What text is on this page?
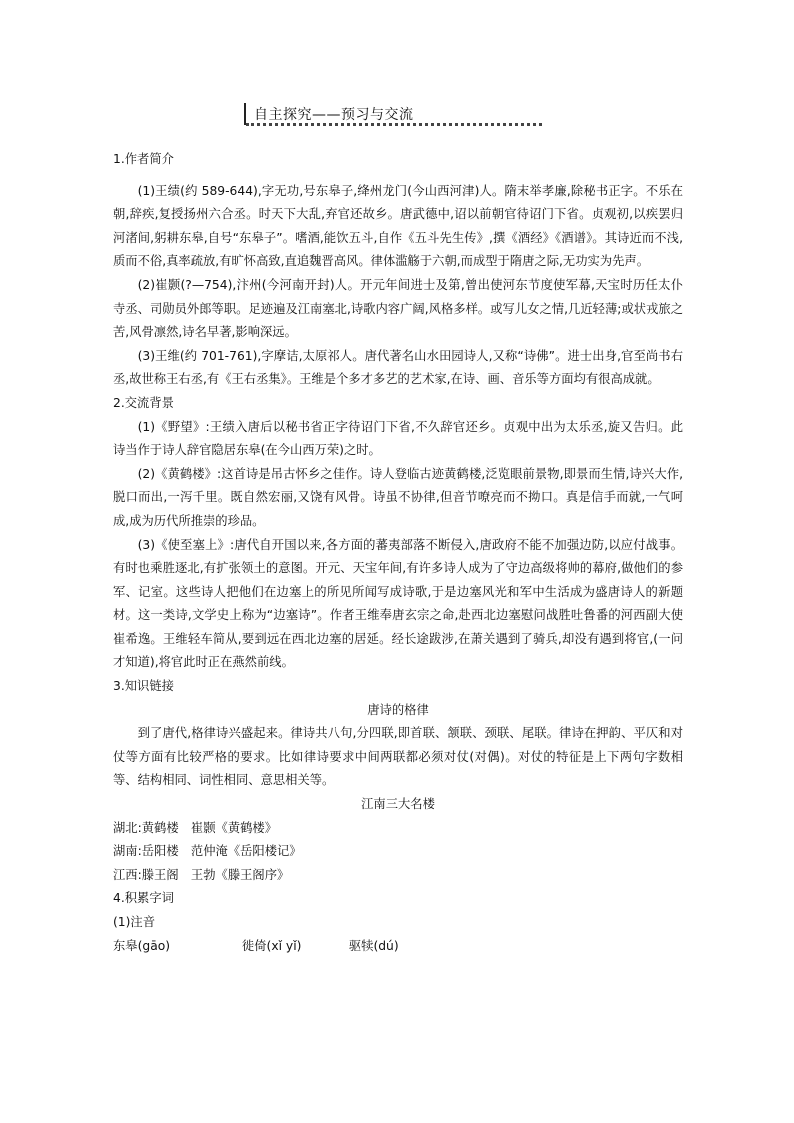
自主探究——预习与交流

1.作者简介

(1)王绩(约 589-644),字无功,号东皋子,绛州龙门(今山西河津)人。隋末举孝廉,除秘书正字。不乐在朝,辞疾,复授扬州六合丞。时天下大乱,弃官还故乡。唐武德中,诏以前朝官待诏门下省。贞观初,以疾罢归河渚间,躬耕东皋,自号“东皋子”。嗜酒,能饮五斗,自作《五斗先生传》,撰《酒经》《酒谱》。其诗近而不浅,质而不俗,真率疏放,有旷怀高致,直追魏晋高风。律体滥觞于六朝,而成型于隋唐之际,无功实为先声。

(2)崔颢(?—754),汴州(今河南开封)人。开元年间进士及第,曾出使河东节度使军幕,天宝时历任太仆寺丞、司勋员外郎等职。足迹遍及江南塞北,诗歌内容广阔,风格多样。或写儿女之情,几近轻薄;或状戎旅之苦,风骨凛然,诗名早著,影响深远。

(3)王维(约 701-761),字摩诘,太原祁人。唐代著名山水田园诗人,又称“诗佛”。进士出身,官至尚书右丞,故世称王右丞,有《王右丞集》。王维是个多才多艺的艺术家,在诗、画、音乐等方面均有很高成就。

2.交流背景

(1)《野望》:王绩入唐后以秘书省正字待诏门下省,不久辞官还乡。贞观中出为太乐丞,旋又告归。此诗当作于诗人辞官隐居东皋(在今山西万荣)之时。

(2)《黄鹤楼》:这首诗是吊古怀乡之佳作。诗人登临古迹黄鹤楼,泛览眼前景物,即景而生情,诗兴大作,脱口而出,一泻千里。既自然宏丽,又饶有风骨。诗虽不协律,但音节嘹亮而不拗口。真是信手而就,一气呵成,成为历代所推崇的珍品。

(3)《使至塞上》:唐代自开国以来,各方面的蕃夷部落不断侵入,唐政府不能不加强边防,以应付战事。有时也乘胜逐北,有扩张领土的意图。开元、天宝年间,有许多诗人成为了守边高级将帅的幕府,做他们的参军、记室。这些诗人把他们在边塞上的所见所闻写成诗歌,于是边塞风光和军中生活成为盛唐诗人的新题材。这一类诗,文学史上称为“边塞诗”。作者王维奉唐玄宗之命,赴西北边塞慰问战胜吐鲁番的河西副大使崔希逸。王维轻车简从,要到远在西北边塞的居延。经长途跋涉,在萧关遇到了骑兵,却没有遇到将官,(一问才知道),将官此时正在燕然前线。

3.知识链接

唐诗的格律

到了唐代,格律诗兴盛起来。律诗共八句,分四联,即首联、颔联、颈联、尾联。律诗在押韵、平仄和对仗等方面有比较严格的要求。比如律诗要求中间两联都必须对仗(对偶)。对仗的特征是上下两句字数相等、结构相同、词性相同、意思相关等。

江南三大名楼

湖北:黄鹤楼　崔颢《黄鹤楼》

湖南:岳阳楼　范仲淹《岳阳楼记》

江西:滕王阁　王勃《滕王阁序》

4.积累字词

(1)注音

东皋(gāo)	徙倚(xǐ yǐ)	驱犊(dú)
